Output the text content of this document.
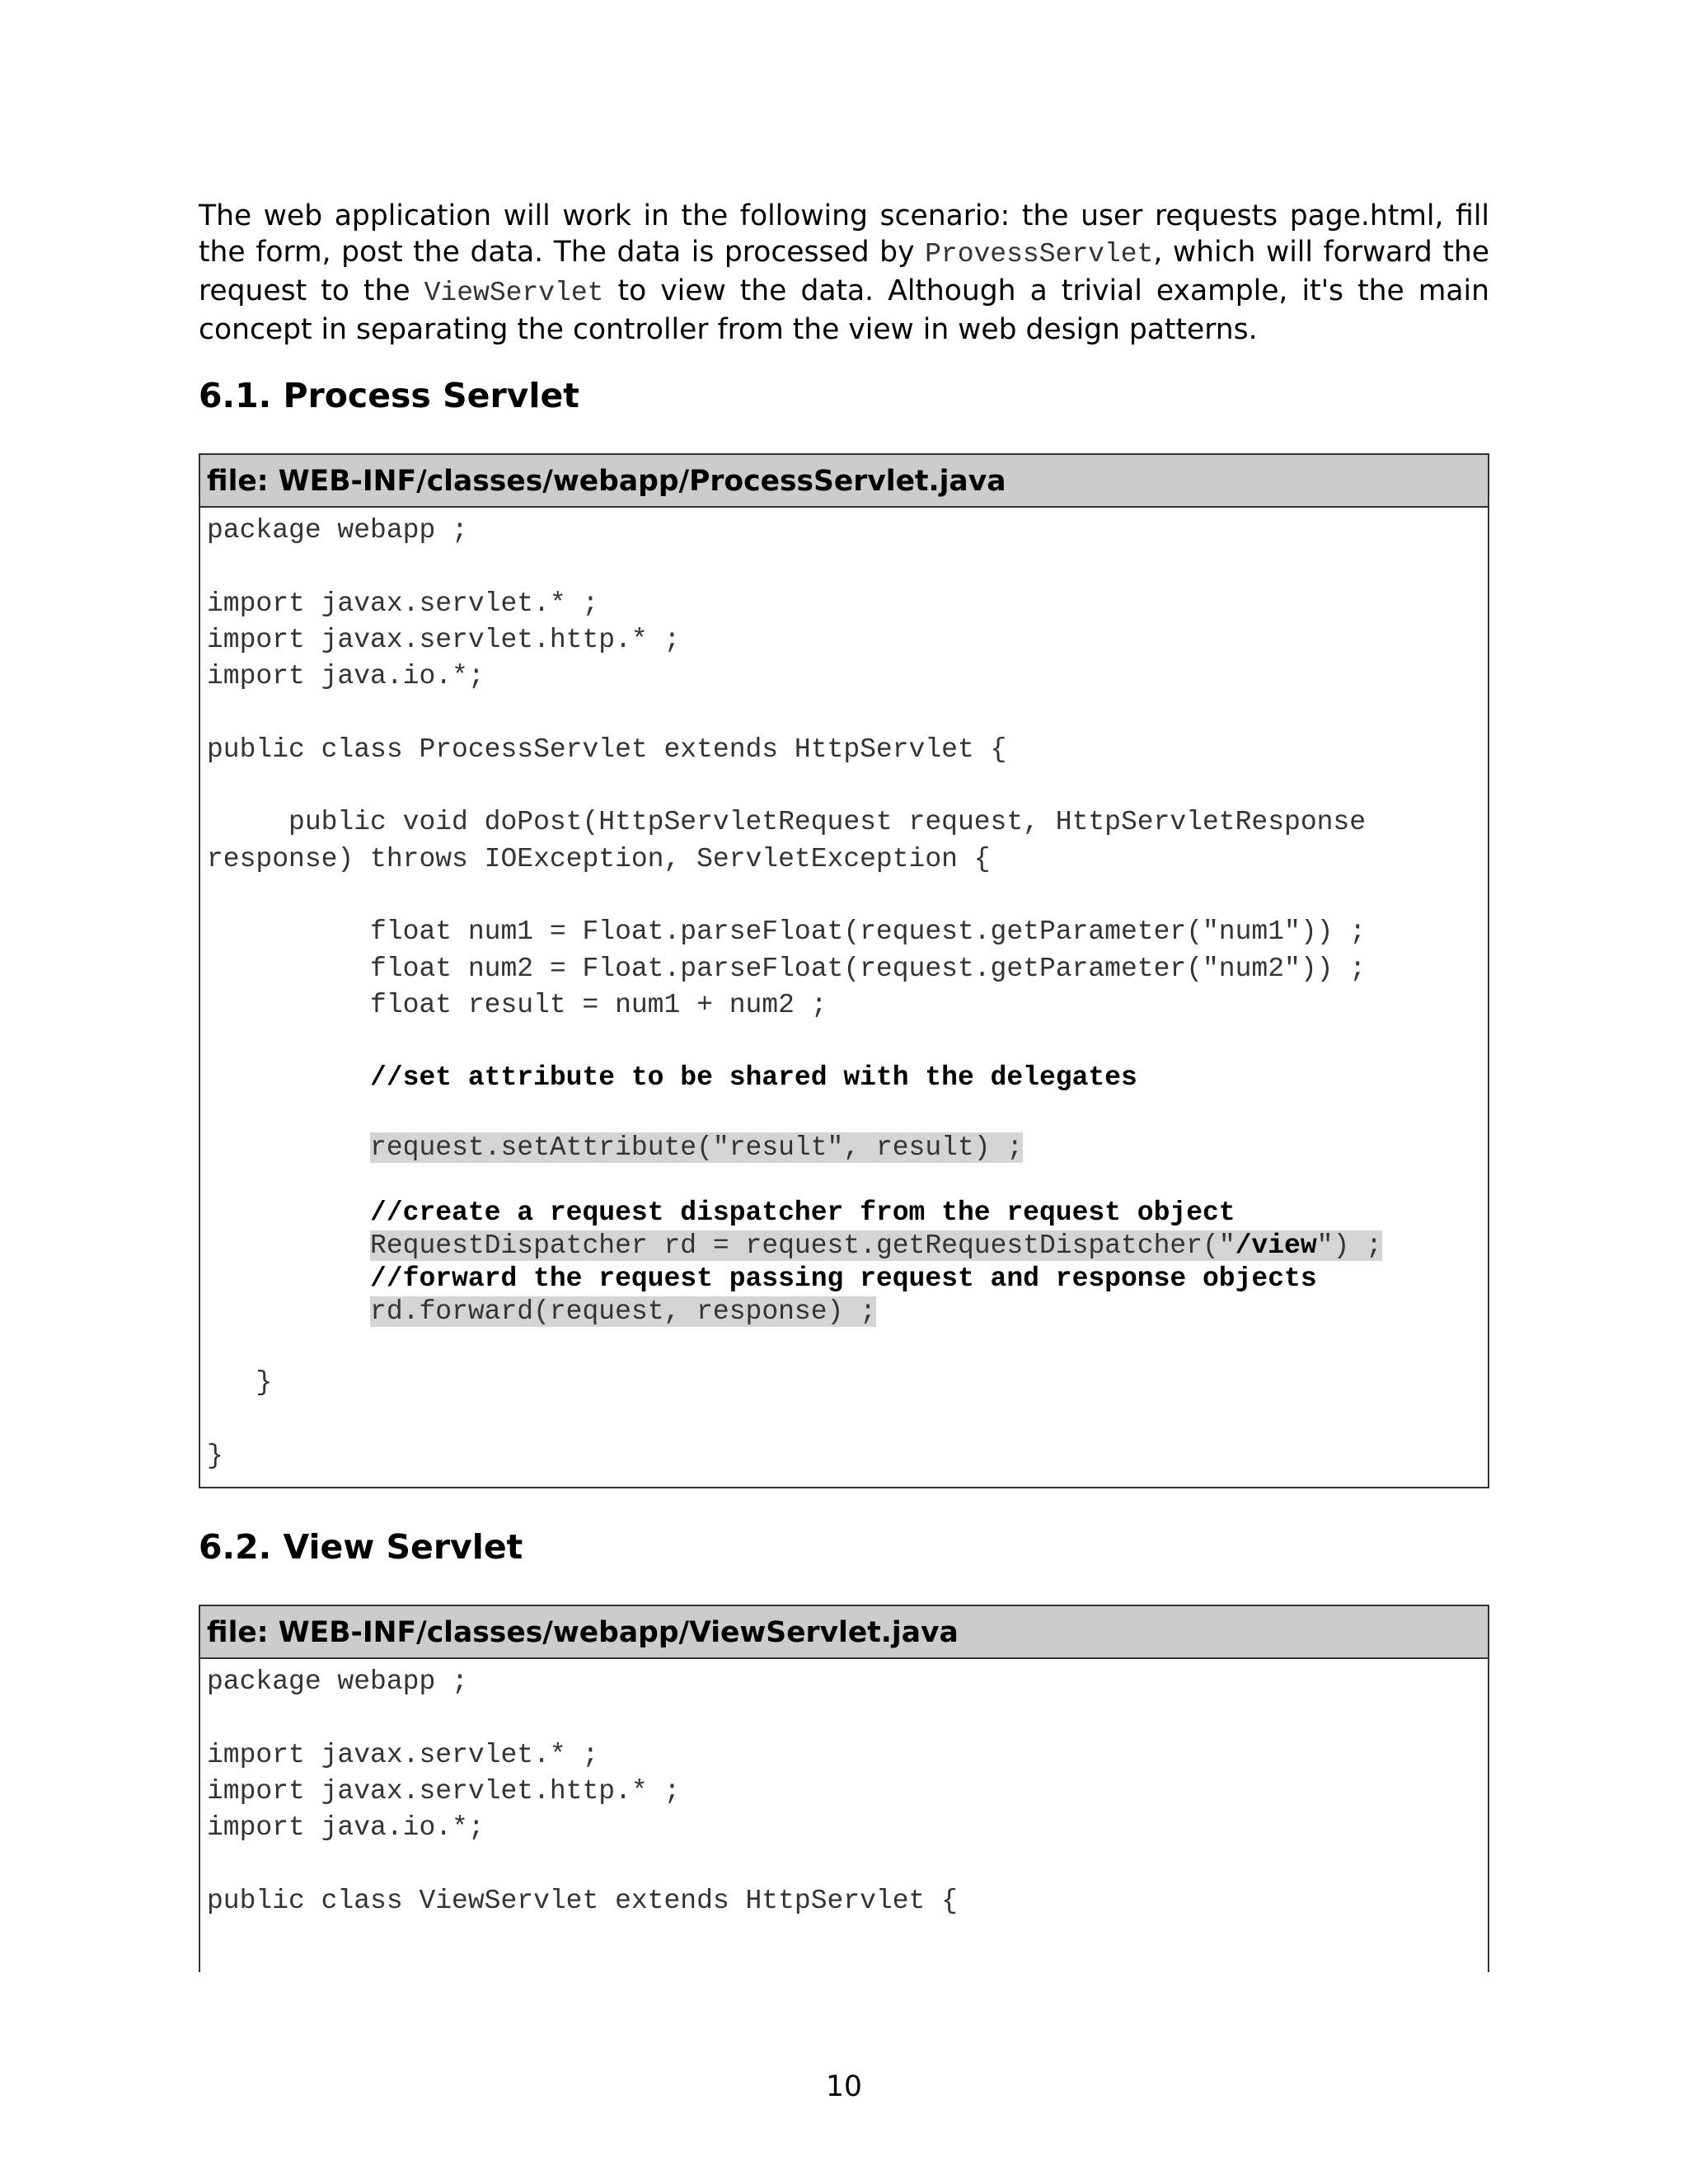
The web application will work in the following scenario: the user requests page.html, fill the form, post the data. The data is processed by ProvessServlet, which will forward the request to the ViewServlet to view the data. Although a trivial example, it's the main concept in separating the controller from the view in web design patterns.

6.1. Process Servlet
file: WEB-INF/classes/webapp/ProcessServlet.java
package webapp ;
import javax.servlet.* ;
import javax.servlet.http.* ;
import java.io.*;
public class ProcessServlet extends HttpServlet {
public void doPost(HttpServletRequest request, HttpServletResponse
response) throws IOException, ServletException {
float num1 = Float.parseFloat(request.getParameter("num1")) ;
float num2 = Float.parseFloat(request.getParameter("num2")) ;
float result = num1 + num2 ;
//set attribute to be shared with the delegates
request.setAttribute("result", result) ;
//create a request dispatcher from the request object
RequestDispatcher rd = request.getRequestDispatcher("/view") ;
//forward the request passing request and response objects
rd.forward(request, response) ;
}
}
6.2. View Servlet
file: WEB-INF/classes/webapp/ViewServlet.java
package webapp ;
import javax.servlet.* ;
import javax.servlet.http.* ;
import java.io.*;
public class ViewServlet extends HttpServlet {

10
